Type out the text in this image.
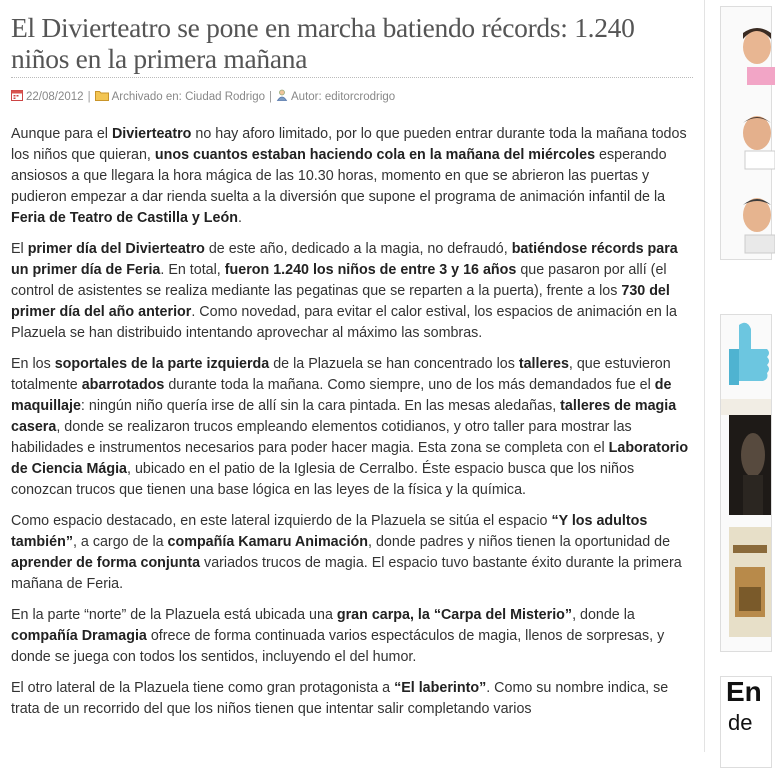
El Divierteatro se pone en marcha batiendo récords: 1.240 niños en la primera mañana
22/08/2012 | Archivado en: Ciudad Rodrigo | Autor: editorcrodrigo

Aunque para el Divierteatro no hay aforo limitado, por lo que pueden entrar durante toda la mañana todos los niños que quieran, unos cuantos estaban haciendo cola en la mañana del miércoles esperando ansiosos a que llegara la hora mágica de las 10.30 horas, momento en que se abrieron las puertas y pudieron empezar a dar rienda suelta a la diversión que supone el programa de animación infantil de la Feria de Teatro de Castilla y León.

El primer día del Divierteatro de este año, dedicado a la magia, no defraudó, batiéndose récords para un primer día de Feria. En total, fueron 1.240 los niños de entre 3 y 16 años que pasaron por allí (el control de asistentes se realiza mediante las pegatinas que se reparten a la puerta), frente a los 730 del primer día del año anterior. Como novedad, para evitar el calor estival, los espacios de animación en la Plazuela se han distribuido intentando aprovechar al máximo las sombras.

En los soportales de la parte izquierda de la Plazuela se han concentrado los talleres, que estuvieron totalmente abarrotados durante toda la mañana. Como siempre, uno de los más demandados fue el de maquillaje: ningún niño quería irse de allí sin la cara pintada. En las mesas aledañas, talleres de magia casera, donde se realizaron trucos empleando elementos cotidianos, y otro taller para mostrar las habilidades e instrumentos necesarios para poder hacer magia. Esta zona se completa con el Laboratorio de Ciencia Mágia, ubicado en el patio de la Iglesia de Cerralbo. Éste espacio busca que los niños conozcan trucos que tienen una base lógica en las leyes de la física y la química.

Como espacio destacado, en este lateral izquierdo de la Plazuela se sitúa el espacio “Y los adultos también”, a cargo de la compañía Kamaru Animación, donde padres y niños tienen la oportunidad de aprender de forma conjunta variados trucos de magia. El espacio tuvo bastante éxito durante la primera mañana de Feria.

En la parte “norte” de la Plazuela está ubicada una gran carpa, la “Carpa del Misterio”, donde la compañía Dramagia ofrece de forma continuada varios espectáculos de magia, llenos de sorpresas, y donde se juega con todos los sentidos, incluyendo el del humor.

El otro lateral de la Plazuela tiene como gran protagonista a “El laberinto”. Como su nombre indica, se trata de un recorrido del que los niños tienen que intentar salir completando varios

En
de
